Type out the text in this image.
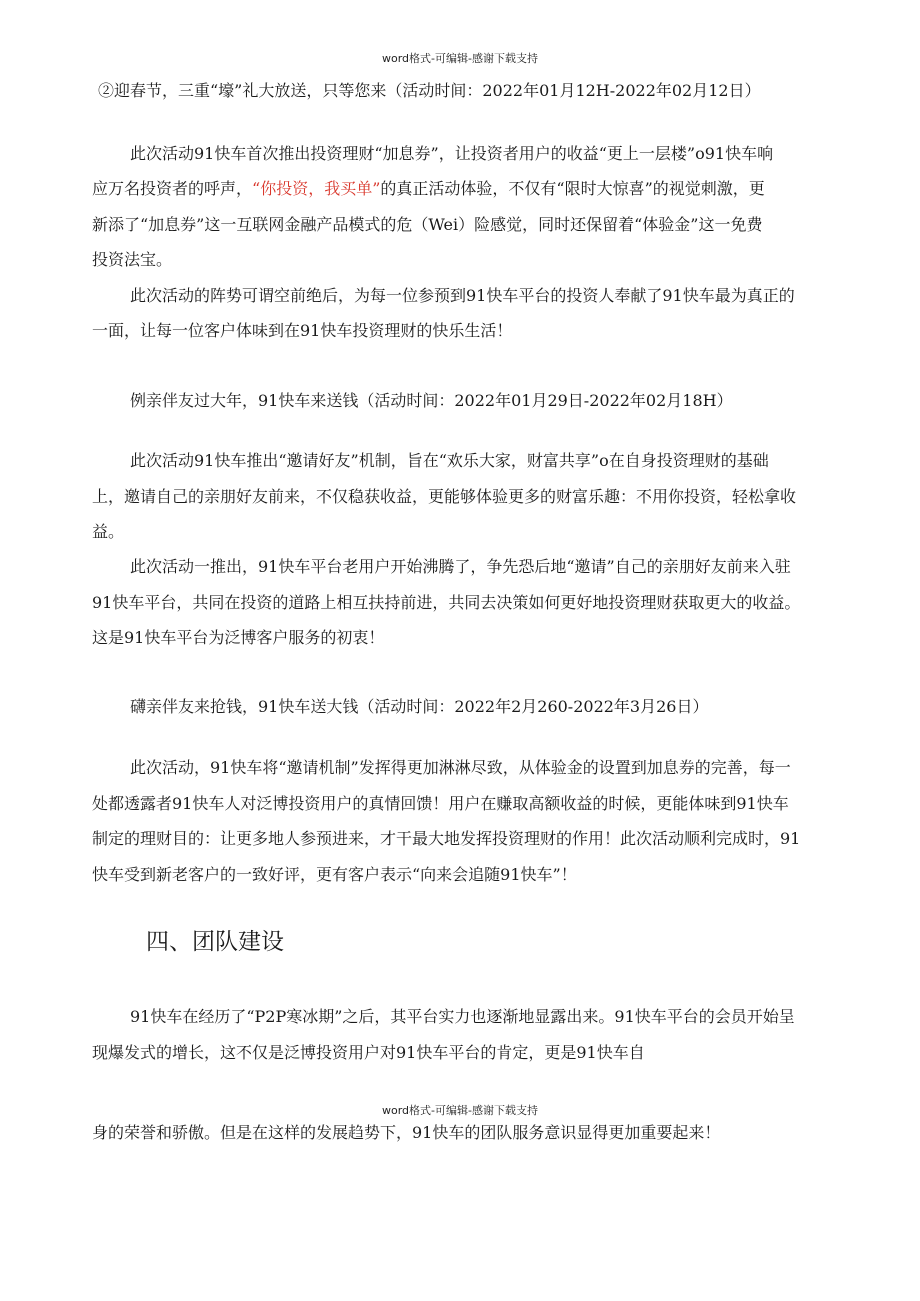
word格式-可编辑-感谢下载支持
②迎春节，三重“壕”礼大放送，只等您来（活动时间：2022年01月12H-2022年02月12日）
此次活动91快车首次推出投资理财“加息券”，让投资者用户的收益“更上一层楼”o91快车响
应万名投资者的呼声，“你投资，我买单”的真正活动体验，不仅有“限时大惊喜”的视觉刺激，更
新添了“加息券”这一互联网金融产品模式的危（Wei）险感觉，同时还保留着“体验金”这一免费
投资法宝。
此次活动的阵势可谓空前绝后，为每一位参预到91快车平台的投资人奉献了91快车最为真正的
一面，让每一位客户体味到在91快车投资理财的快乐生活！
例亲伴友过大年，91快车来送钱（活动时间：2022年01月29日-2022年02月18H）
此次活动91快车推出“邀请好友”机制，旨在“欢乐大家，财富共享”o在自身投资理财的基础
上，邀请自己的亲朋好友前来，不仅稳获收益，更能够体验更多的财富乐趣：不用你投资，轻松拿收
益。
此次活动一推出，91快车平台老用户开始沸腾了，争先恐后地“邀请”自己的亲朋好友前来入驻
91快车平台，共同在投资的道路上相互扶持前进，共同去决策如何更好地投资理财获取更大的收益。
这是91快车平台为泛博客户服务的初衷！
礴亲伴友来抢钱，91快车送大钱（活动时间：2022年2月260-2022年3月26日）
此次活动，91快车将“邀请机制”发挥得更加淋淋尽致，从体验金的设置到加息券的完善，每一
处都透露者91快车人对泛博投资用户的真情回馈！用户在赚取高额收益的时候，更能体味到91快车
制定的理财目的：让更多地人参预进来，才干最大地发挥投资理财的作用！此次活动顺利完成时，91
快车受到新老客户的一致好评，更有客户表示“向来会追随91快车”！
四、团队建设
91快车在经历了“P2P寒冰期”之后，其平台实力也逐渐地显露出来。91快车平台的会员开始呈
现爆发式的增长，这不仅是泛博投资用户对91快车平台的肯定，更是91快车自
word格式-可编辑-感谢下载支持
身的荣誉和骄傲。但是在这样的发展趋势下，91快车的团队服务意识显得更加重要起来！
